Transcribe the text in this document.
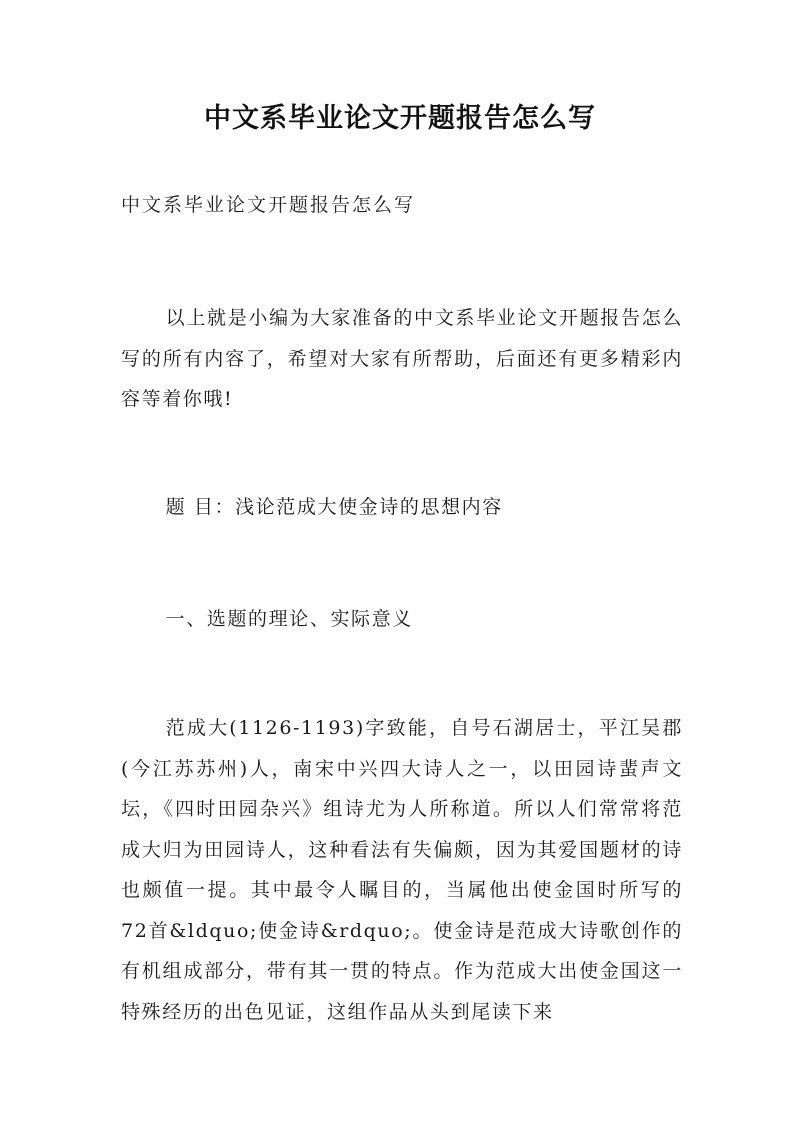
中文系毕业论文开题报告怎么写
中文系毕业论文开题报告怎么写

以上就是小编为大家准备的中文系毕业论文开题报告怎么写的所有内容了，希望对大家有所帮助，后面还有更多精彩内容等着你哦!

题 目：浅论范成大使金诗的思想内容

一、选题的理论、实际意义

范成大(1126-1193)字致能，自号石湖居士，平江吴郡(今江苏苏州)人，南宋中兴四大诗人之一，以田园诗蜚声文坛，《四时田园杂兴》组诗尤为人所称道。所以人们常常将范成大归为田园诗人，这种看法有失偏颇，因为其爱国题材的诗也颇值一提。其中最令人瞩目的，当属他出使金国时所写的72首&ldquo;使金诗&rdquo;。使金诗是范成大诗歌创作的有机组成部分，带有其一贯的特点。作为范成大出使金国这一特殊经历的出色见证，这组作品从头到尾读下来
